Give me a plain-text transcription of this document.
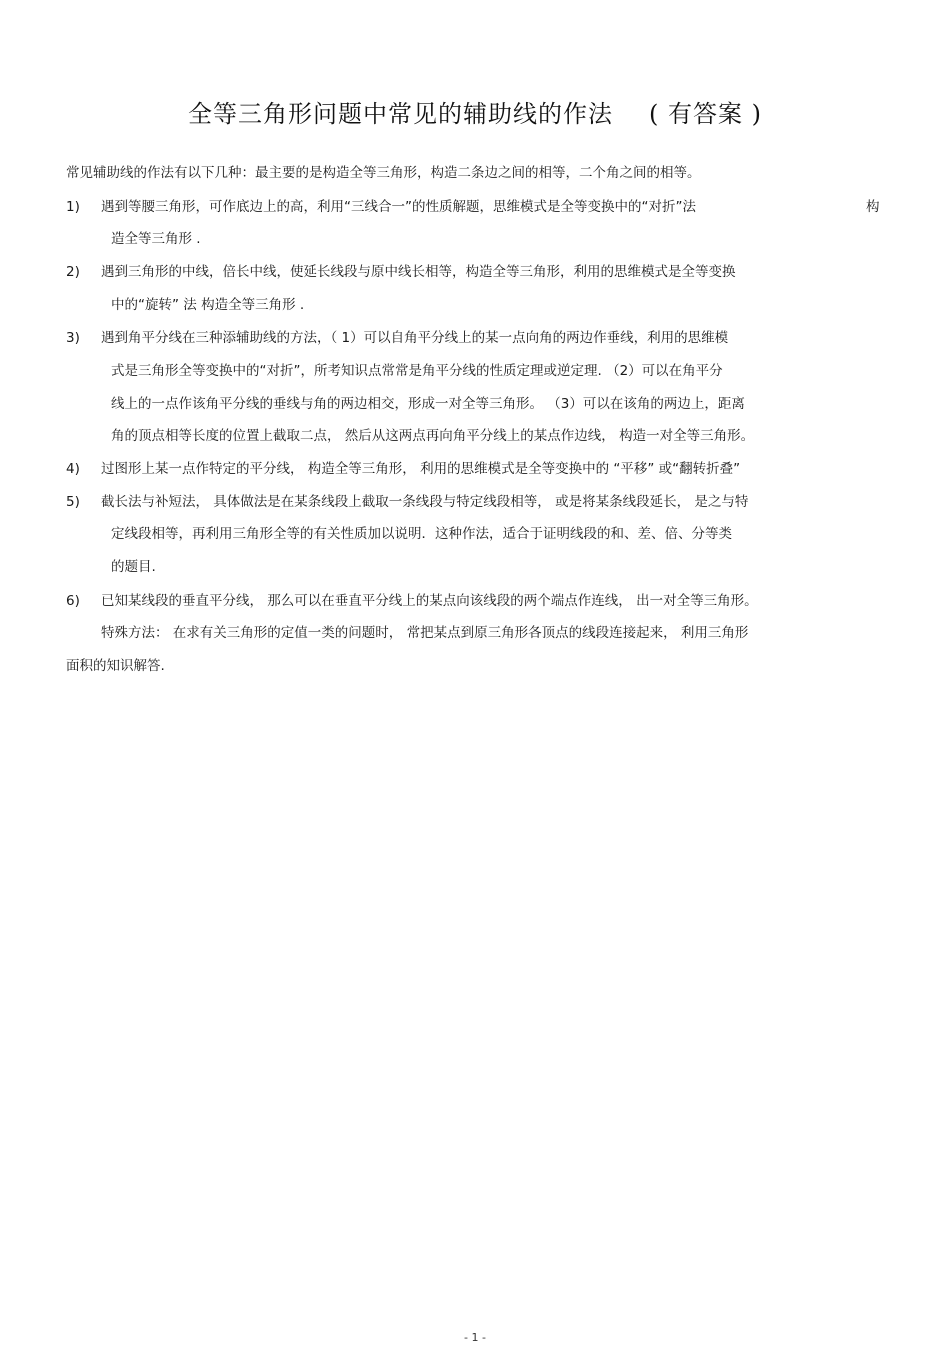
全等三角形问题中常见的辅助线的作法 ( 有答案 )
常见辅助线的作法有以下几种：最主要的是构造全等三角形，构造二条边之间的相等，二个角之间的相等。
1) 遇到等腰三角形，可作底边上的高，利用“三线合一”的性质解题，思维模式是全等变换中的“对折”法	构
造全等三角形 .
2) 遇到三角形的中线，倍长中线，使延长线段与原中线长相等，构造全等三角形，利用的思维模式是全等变换
中的“旋转” 法 构造全等三角形 .
3) 遇到角平分线在三种添辅助线的方法，（ 1）可以自角平分线上的某一点向角的两边作垂线，利用的思维模
式是三角形全等变换中的“对折”，所考知识点常常是角平分线的性质定理或逆定理. （2）可以在角平分
线上的一点作该角平分线的垂线与角的两边相交，形成一对全等三角形。 （3）可以在该角的两边上，距离
角的顶点相等长度的位置上截取二点， 然后从这两点再向角平分线上的某点作边线， 构造一对全等三角形。
4) 过图形上某一点作特定的平分线， 构造全等三角形， 利用的思维模式是全等变换中的 “平移” 或“翻转折叠”
5) 截长法与补短法， 具体做法是在某条线段上截取一条线段与特定线段相等， 或是将某条线段延长， 是之与特
定线段相等，再利用三角形全等的有关性质加以说明．这种作法，适合于证明线段的和、差、倍、分等类
的题目.
6) 已知某线段的垂直平分线， 那么可以在垂直平分线上的某点向该线段的两个端点作连线， 出一对全等三角形。
特殊方法： 在求有关三角形的定值一类的问题时， 常把某点到原三角形各顶点的线段连接起来， 利用三角形
面积的知识解答.
- 1 -
